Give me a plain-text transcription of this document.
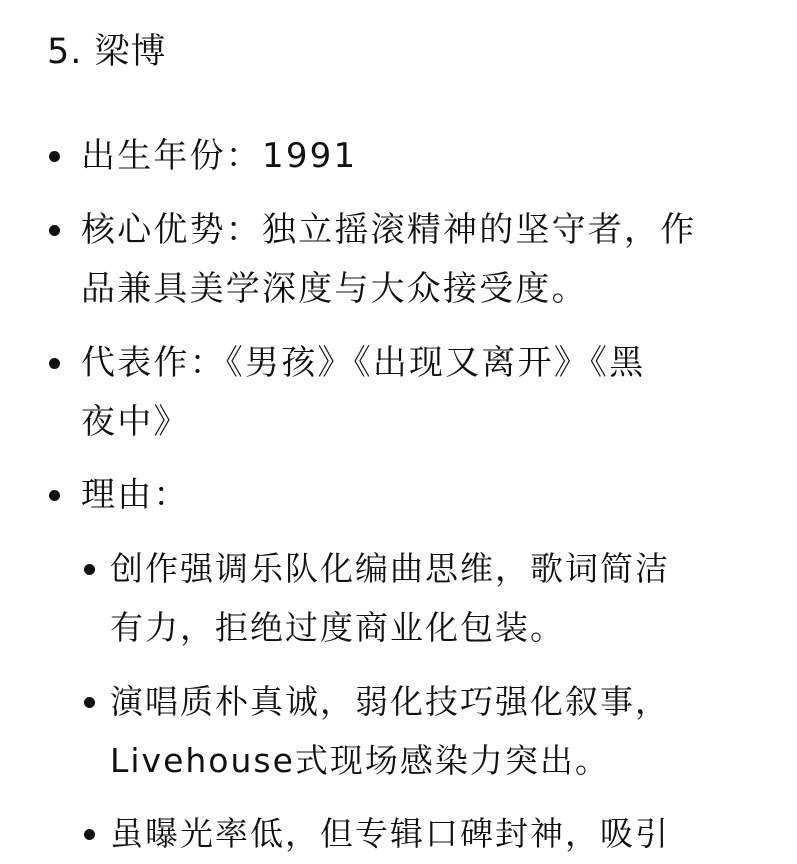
5. 梁博
出生年份：1991
核心优势：独立摇滚精神的坚守者，作
品兼具美学深度与大众接受度。
代表作：《男孩》《出现又离开》《黑
夜中》
理由：
创作强调乐队化编曲思维，歌词简洁
有力，拒绝过度商业化包装。
演唱质朴真诚，弱化技巧强化叙事，
Livehouse式现场感染力突出。
虽曝光率低，但专辑口碑封神，吸引
